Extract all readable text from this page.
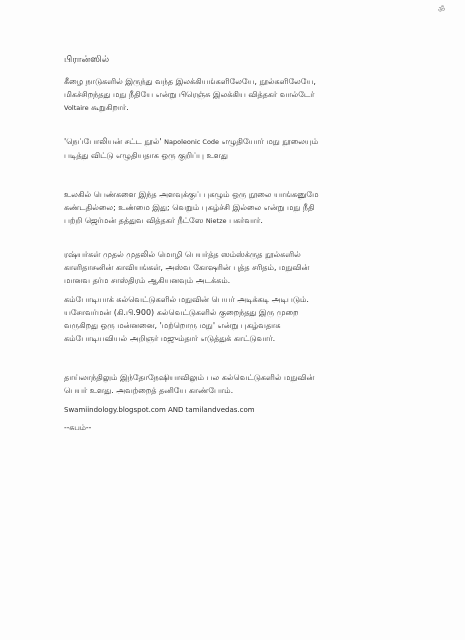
ॐ

பிரான்ஸில்

கீழை நாடுகளில் இருந்து வந்த இலக்கியங்களிலேயே, நூல்களிலேயே,
மிகச்சிறந்தது மநு நீதியே என்று பிரெஞ்சு இலக்கிய வித்தகர் வால்டேர்
Voltaire கூறுகிறார்.

'நெப்போலியன் சட்ட நூல்' Napoleonic Code எழுதியோர் மநு நூலையும்
படித்து விட்டு எழுதியதாக ஒரு குறிப்பு உளது

உலகில் பெண்களை இந்த அளவுக்குப் புகழும் ஒரு நூலை யாங்கனுமே
கண்டதில்லை; உண்மை இது; வெறும் புகழ்ச்சி இல்லை என்று மநு நீதி
பற்றி ஜெர்மன் தத்துவ வித்தகர் நீட்ஸே Nietze பகர்வார்.

ரஷ்யர்கள் முதல் முதலில் மொழி பெயர்த்த ஸம்ஸ்க்ருத நூல்களில்
காளிதாசனின் காவியங்கள், அஸ்வ கோஷரின் புத்த சரிதம், மநுவின்
மானவ தர்ம சாஸ்திரம் ஆகியனவும் அடக்கம்.

கம்போடியாக் கல்வெட்டுகளில் மநுவின் பெயர் அடிக்கடி அடிபடும்.
யசோவர்மன் (கி.பி.900) கல்வெட்டுகளில் குறைந்தது இரு முறை
வருகிறது ஒரு மன்னனை, 'மற்றொரு மநு' என்று புகழ்வதாக
கம்போடியவியல் அறிஞர் மஜும்தார் எடுத்துக் காட்டுவார்.

தாய்லாந்திலும் இந்தோநேஷியாவிலும் பல கல்வெட்டுகளில் மநுவின்
பெயர் உளது. அவற்றைத் தனியே காண்போம்.

Swamiindology.blogspot.com AND tamilandvedas.com

--சுபம்--
